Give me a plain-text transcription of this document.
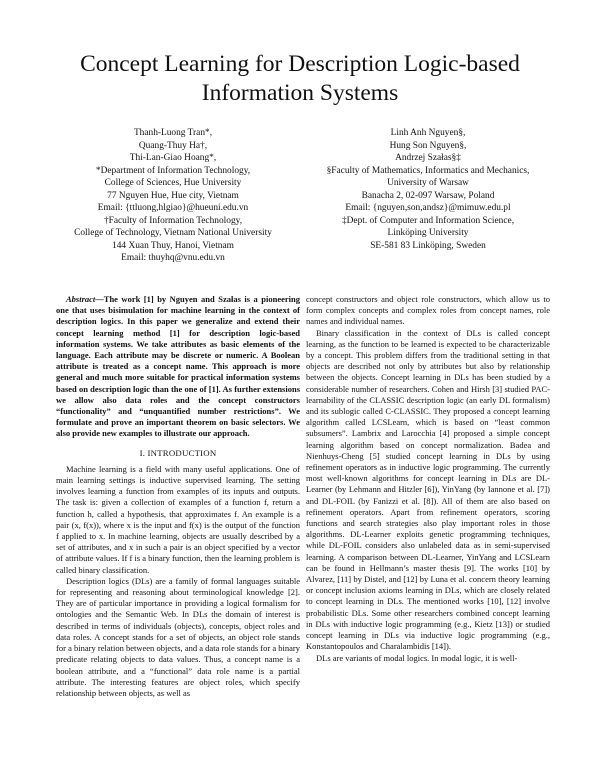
Concept Learning for Description Logic-based Information Systems
Thanh-Luong Tran*,
Quang-Thuy Ha†,
Thi-Lan-Giao Hoang*,
*Department of Information Technology,
College of Sciences, Hue University
77 Nguyen Hue, Hue city, Vietnam
Email: {ttluong,hlgiao}@hueuni.edu.vn
†Faculty of Information Technology,
College of Technology, Vietnam National University
144 Xuan Thuy, Hanoi, Vietnam
Email: thuyhq@vnu.edu.vn
Linh Anh Nguyen§,
Hung Son Nguyen§,
Andrzej Szałas§‡
§Faculty of Mathematics, Informatics and Mechanics,
University of Warsaw
Banacha 2, 02-097 Warsaw, Poland
Email: {nguyen,son,andsz}@mimuw.edu.pl
‡Dept. of Computer and Information Science,
Linköping University
SE-581 83 Linköping, Sweden

Abstract—The work [1] by Nguyen and Szałas is a pioneering one that uses bisimulation for machine learning in the context of description logics. In this paper we generalize and extend their concept learning method [1] for description logic-based information systems. We take attributes as basic elements of the language. Each attribute may be discrete or numeric. A Boolean attribute is treated as a concept name. This approach is more general and much more suitable for practical information systems based on description logic than the one of [1]. As further extensions we allow also data roles and the concept constructors “functionality” and “unquantified number restrictions”. We formulate and prove an important theorem on basic selectors. We also provide new examples to illustrate our approach.

I. INTRODUCTION

Machine learning is a field with many useful applications. One of main learning settings is inductive supervised learning. The setting involves learning a function from examples of its inputs and outputs. The task is: given a collection of examples of a function f, return a function h, called a hypothesis, that approximates f. An example is a pair (x, f(x)), where x is the input and f(x) is the output of the function f applied to x. In machine learning, objects are usually described by a set of attributes, and x in such a pair is an object specified by a vector of attribute values. If f is a binary function, then the learning problem is called binary classification.

Description logics (DLs) are a family of formal languages suitable for representing and reasoning about terminological knowledge [2]. They are of particular importance in providing a logical formalism for ontologies and the Semantic Web. In DLs the domain of interest is described in terms of individuals (objects), concepts, object roles and data roles. A concept stands for a set of objects, an object role stands for a binary relation between objects, and a data role stands for a binary predicate relating objects to data values. Thus, a concept name is a boolean attribute, and a “functional” data role name is a partial attribute. The interesting features are object roles, which specify relationship between objects, as well as

concept constructors and object role constructors, which allow us to form complex concepts and complex roles from concept names, role names and individual names.

Binary classification in the context of DLs is called concept learning, as the function to be learned is expected to be characterizable by a concept. This problem differs from the traditional setting in that objects are described not only by attributes but also by relationship between the objects. Concept learning in DLs has been studied by a considerable number of researchers. Cohen and Hirsh [3] studied PAC-learnability of the CLASSIC description logic (an early DL formalism) and its sublogic called C-CLASSIC. They proposed a concept learning algorithm called LCSLearn, which is based on “least common subsumers”. Lambrix and Larocchia [4] proposed a simple concept learning algorithm based on concept normalization. Badea and Nienhuys-Cheng [5] studied concept learning in DLs by using refinement operators as in inductive logic programming. The currently most well-known algorithms for concept learning in DLs are DL-Learner (by Lehmann and Hitzler [6]), YinYang (by Iannone et al. [7]) and DL-FOIL (by Fanizzi et al. [8]). All of them are also based on refinement operators. Apart from refinement operators, scoring functions and search strategies also play important roles in those algorithms. DL-Learner exploits genetic programming techniques, while DL-FOIL considers also unlabeled data as in semi-supervised learning. A comparison between DL-Learner, YinYang and LCSLearn can be found in Hellmann’s master thesis [9]. The works [10] by Alvarez, [11] by Distel, and [12] by Luna et al. concern theory learning or concept inclusion axioms learning in DLs, which are closely related to concept learning in DLs. The mentioned works [10], [12] involve probabilistic DLs. Some other researchers combined concept learning in DLs with inductive logic programming (e.g., Kietz [13]) or studied concept learning in DLs via inductive logic programming (e.g., Konstantopoulos and Charalambidis [14]).

DLs are variants of modal logics. In modal logic, it is well-
